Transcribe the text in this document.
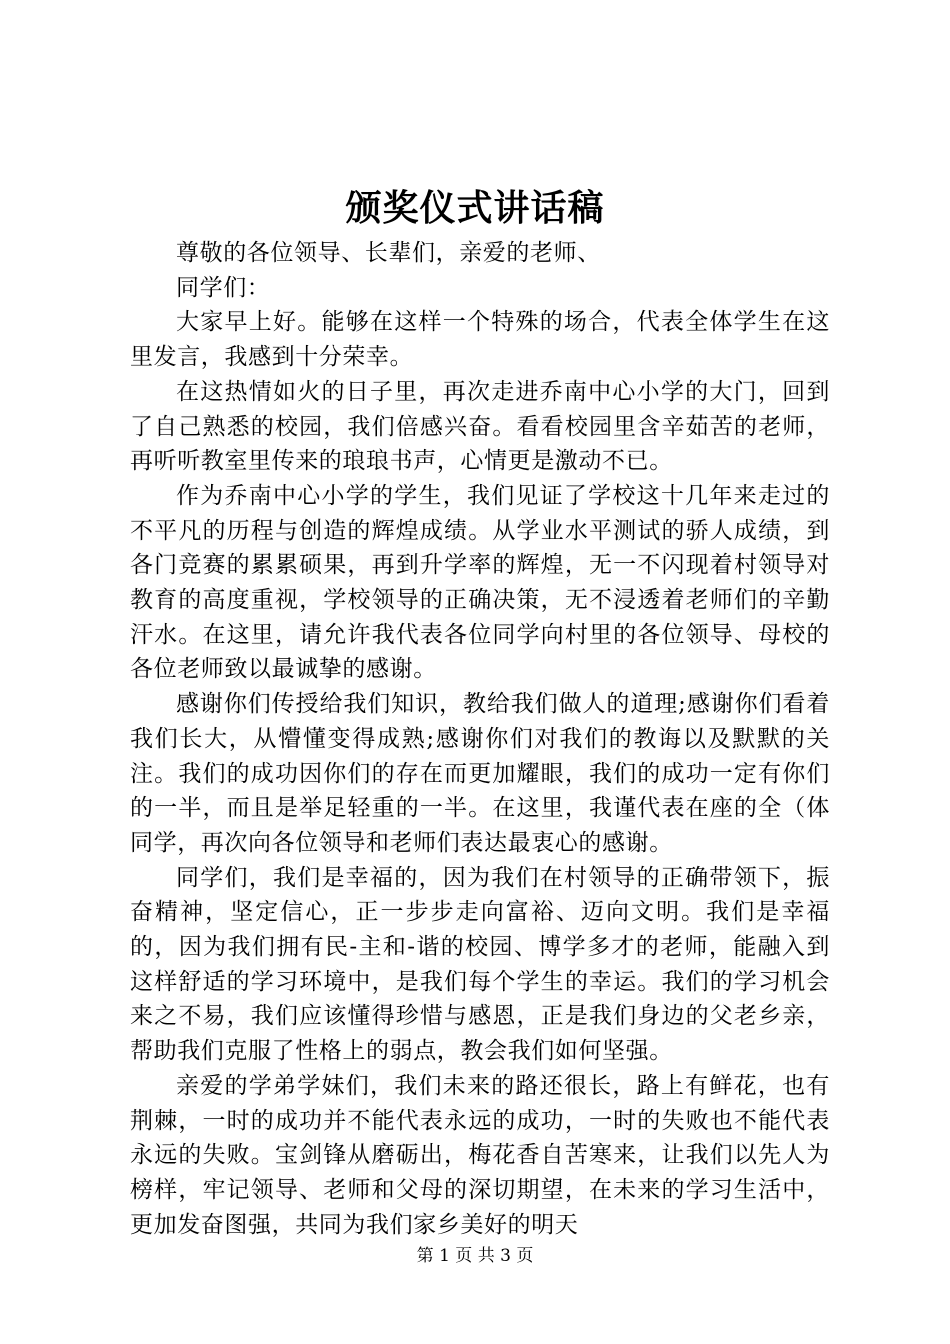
颁奖仪式讲话稿

尊敬的各位领导、长辈们，亲爱的老师、

同学们：

大家早上好。能够在这样一个特殊的场合，代表全体学生在这里发言，我感到十分荣幸。

在这热情如火的日子里，再次走进乔南中心小学的大门，回到了自己熟悉的校园，我们倍感兴奋。看看校园里含辛茹苦的老师，再听听教室里传来的琅琅书声，心情更是激动不已。

作为乔南中心小学的学生，我们见证了学校这十几年来走过的不平凡的历程与创造的辉煌成绩。从学业水平测试的骄人成绩，到各门竞赛的累累硕果，再到升学率的辉煌，无一不闪现着村领导对教育的高度重视，学校领导的正确决策，无不浸透着老师们的辛勤汗水。在这里，请允许我代表各位同学向村里的各位领导、母校的各位老师致以最诚挚的感谢。

感谢你们传授给我们知识，教给我们做人的道理;感谢你们看着我们长大，从懵懂变得成熟;感谢你们对我们的教诲以及默默的关注。我们的成功因你们的存在而更加耀眼，我们的成功一定有你们的一半，而且是举足轻重的一半。在这里，我谨代表在座的全（体同学，再次向各位领导和老师们表达最衷心的感谢。

同学们，我们是幸福的，因为我们在村领导的正确带领下，振奋精神，坚定信心，正一步步走向富裕、迈向文明。我们是幸福的，因为我们拥有民-主和-谐的校园、博学多才的老师，能融入到这样舒适的学习环境中，是我们每个学生的幸运。我们的学习机会来之不易，我们应该懂得珍惜与感恩，正是我们身边的父老乡亲，帮助我们克服了性格上的弱点，教会我们如何坚强。

亲爱的学弟学妹们，我们未来的路还很长，路上有鲜花，也有荆棘，一时的成功并不能代表永远的成功，一时的失败也不能代表永远的失败。宝剑锋从磨砺出，梅花香自苦寒来，让我们以先人为榜样，牢记领导、老师和父母的深切期望，在未来的学习生活中，更加发奋图强，共同为我们家乡美好的明天

第 1 页 共 3 页
